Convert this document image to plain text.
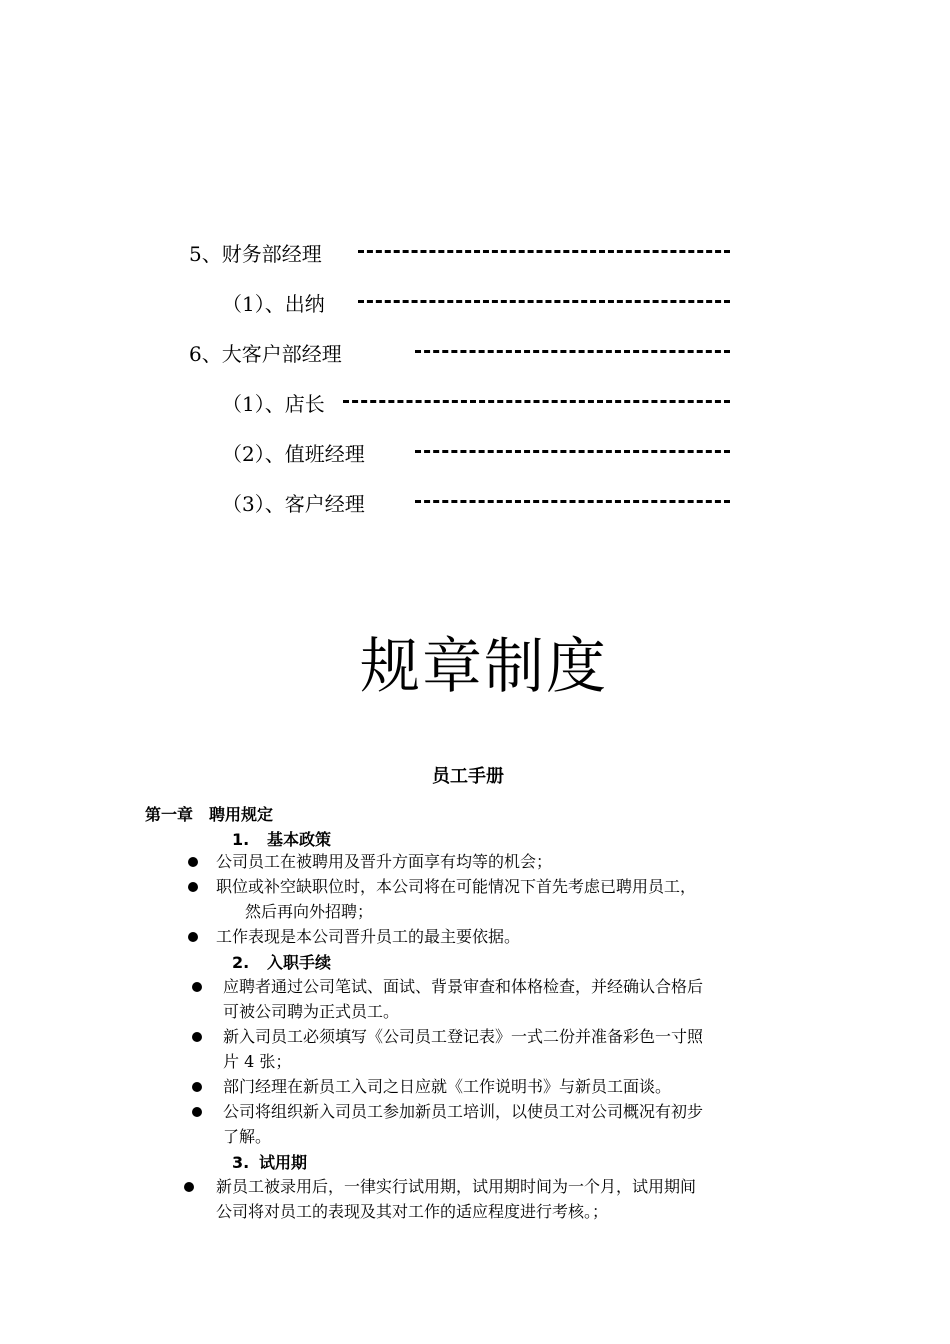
5、财务部经理
（1）、出纳
6、大客户部经理
（1）、店长
（2）、值班经理
（3）、客户经理
规章制度
员工手册
第一章　聘用规定
1. 基本政策
公司员工在被聘用及晋升方面享有均等的机会；
职位或补空缺职位时，本公司将在可能情况下首先考虑已聘用员工，
然后再向外招聘；
工作表现是本公司晋升员工的最主要依据。
2. 入职手续
应聘者通过公司笔试、面试、背景审查和体格检查，并经确认合格后
可被公司聘为正式员工。
新入司员工必须填写《公司员工登记表》一式二份并准备彩色一寸照
片 4 张；
部门经理在新员工入司之日应就《工作说明书》与新员工面谈。
公司将组织新入司员工参加新员工培训，以使员工对公司概况有初步
了解。
3. 试用期
新员工被录用后，一律实行试用期，试用期时间为一个月，试用期间
公司将对员工的表现及其对工作的适应程度进行考核。；
